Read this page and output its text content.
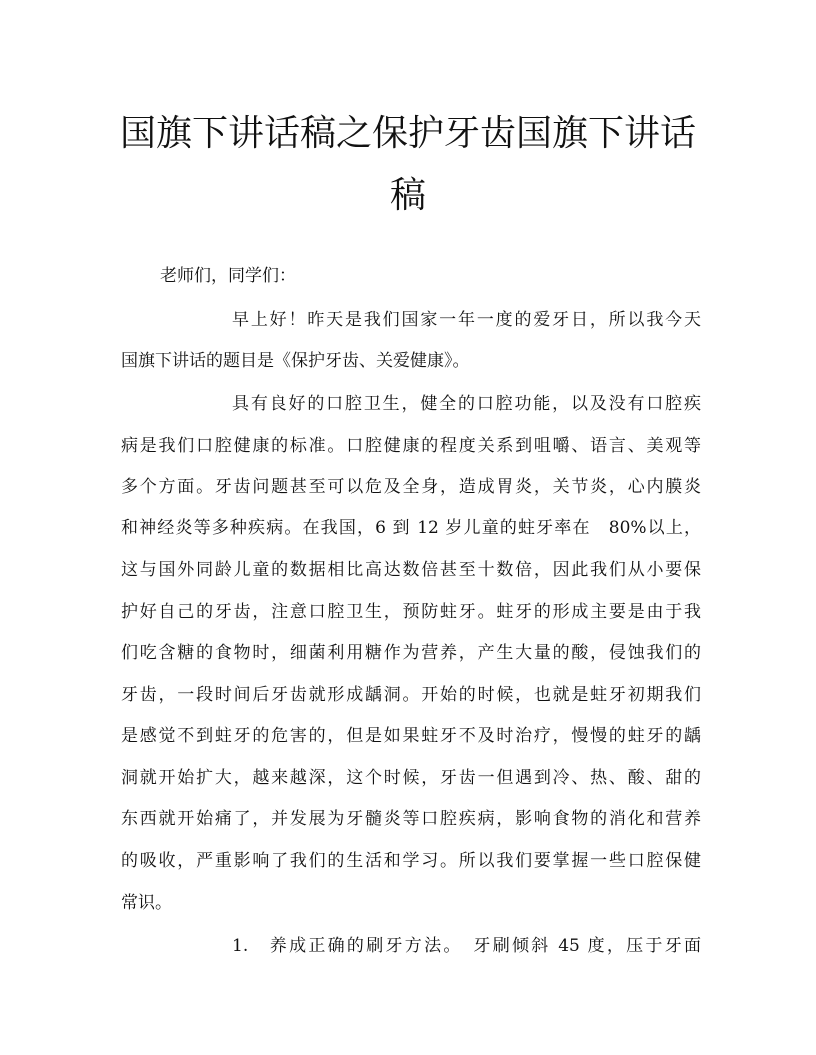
国旗下讲话稿之保护牙齿国旗下讲话
稿

老师们，同学们：

早上好！昨天是我们国家一年一度的爱牙日，所以我今天

国旗下讲话的题目是《保护牙齿、关爱健康》。

具有良好的口腔卫生，健全的口腔功能，以及没有口腔疾

病是我们口腔健康的标准。口腔健康的程度关系到咀嚼、语言、美观等

多个方面。牙齿问题甚至可以危及全身，造成胃炎，关节炎，心内膜炎

和神经炎等多种疾病。在我国，6 到 12 岁儿童的蛀牙率在　80%以上，

这与国外同龄儿童的数据相比高达数倍甚至十数倍，因此我们从小要保

护好自己的牙齿，注意口腔卫生，预防蛀牙。蛀牙的形成主要是由于我

们吃含糖的食物时，细菌利用糖作为营养，产生大量的酸，侵蚀我们的

牙齿，一段时间后牙齿就形成龋洞。开始的时候，也就是蛀牙初期我们

是感觉不到蛀牙的危害的，但是如果蛀牙不及时治疗，慢慢的蛀牙的龋

洞就开始扩大，越来越深，这个时候，牙齿一但遇到冷、热、酸、甜的

东西就开始痛了，并发展为牙髓炎等口腔疾病，影响食物的消化和营养

的吸收，严重影响了我们的生活和学习。所以我们要掌握一些口腔保健

常识。

1.　养成正确的刷牙方法。　牙刷倾斜 45 度，压于牙面
